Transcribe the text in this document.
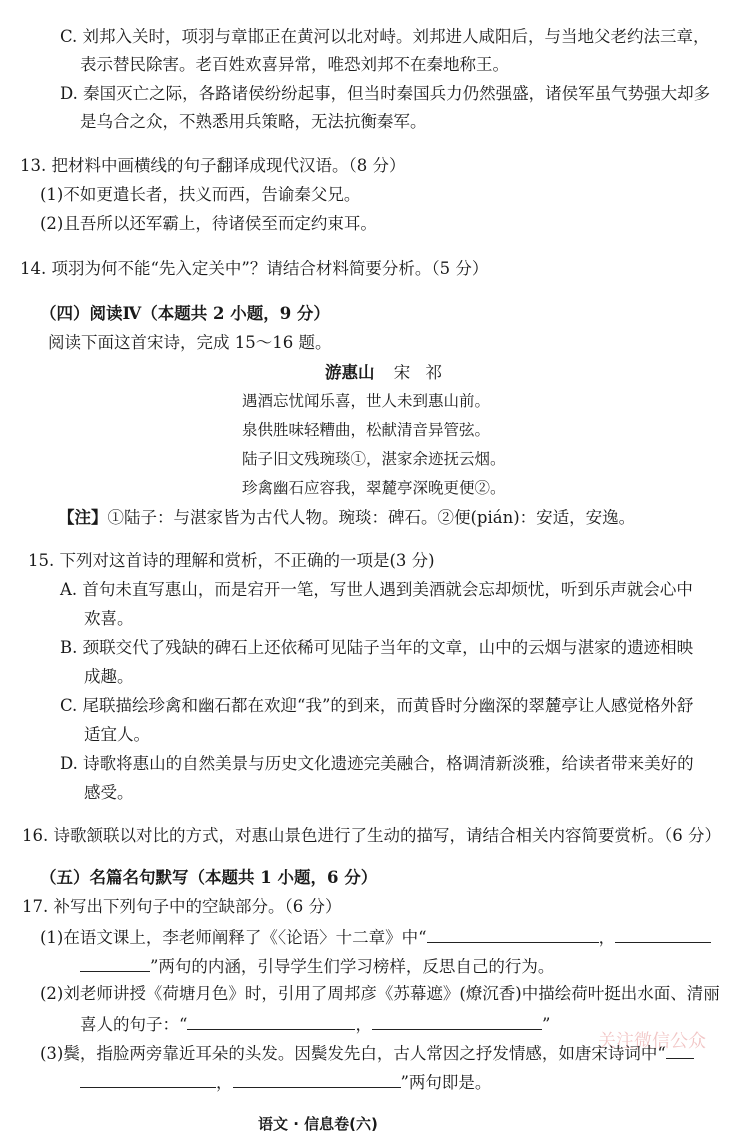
C. 刘邦入关时，项羽与章邯正在黄河以北对峙。刘邦进人咸阳后，与当地父老约法三章，
表示替民除害。老百姓欢喜异常，唯恐刘邦不在秦地称王。
D. 秦国灭亡之际，各路诸侯纷纷起事，但当时秦国兵力仍然强盛，诸侯军虽气势强大却多
是乌合之众，不熟悉用兵策略，无法抗衡秦军。
13. 把材料中画横线的句子翻译成现代汉语。（8 分）
(1)不如更遣长者，扶义而西，告谕秦父兄。
(2)且吾所以还军霸上，待诸侯至而定约束耳。
14. 项羽为何不能“先入定关中”？请结合材料简要分析。（5 分）
（四）阅读Ⅳ（本题共 2 小题，9 分）
阅读下面这首宋诗，完成 15～16 题。
游惠山 宋 祁
遇酒忘忧闻乐喜，世人未到惠山前。
泉供胜味轻糟曲，松献清音异管弦。
陆子旧文残琬琰①，湛家余迹抚云烟。
珍禽幽石应容我，翠麓亭深晚更便②。
【注】①陆子：与湛家皆为古代人物。琬琰：碑石。②便(pián)：安适，安逸。
15. 下列对这首诗的理解和赏析，不正确的一项是(3 分)
A. 首句未直写惠山，而是宕开一笔，写世人遇到美酒就会忘却烦忧，听到乐声就会心中
欢喜。
B. 颈联交代了残缺的碑石上还依稀可见陆子当年的文章，山中的云烟与湛家的遗迹相映
成趣。
C. 尾联描绘珍禽和幽石都在欢迎“我”的到来，而黄昏时分幽深的翠麓亭让人感觉格外舒
适宜人。
D. 诗歌将惠山的自然美景与历史文化遗迹完美融合，格调清新淡雅，给读者带来美好的
感受。
16. 诗歌颔联以对比的方式，对惠山景色进行了生动的描写，请结合相关内容简要赏析。（6 分）
（五）名篇名句默写（本题共 1 小题，6 分）
17. 补写出下列句子中的空缺部分。（6 分）
(1)在语文课上，李老师阐释了《〈论语〉十二章》中“	，
”两句的内涵，引导学生们学习榜样，反思自己的行为。
(2)刘老师讲授《荷塘月色》时，引用了周邦彦《苏幕遮》(燎沉香)中描绘荷叶挺出水面、清丽
喜人的句子：“	，	”
关注微信公众
(3)鬓，指脸两旁靠近耳朵的头发。因鬓发先白，古人常因之抒发情感，如唐宋诗词中“
，	”两句即是。
语文 · 信息卷(六)
